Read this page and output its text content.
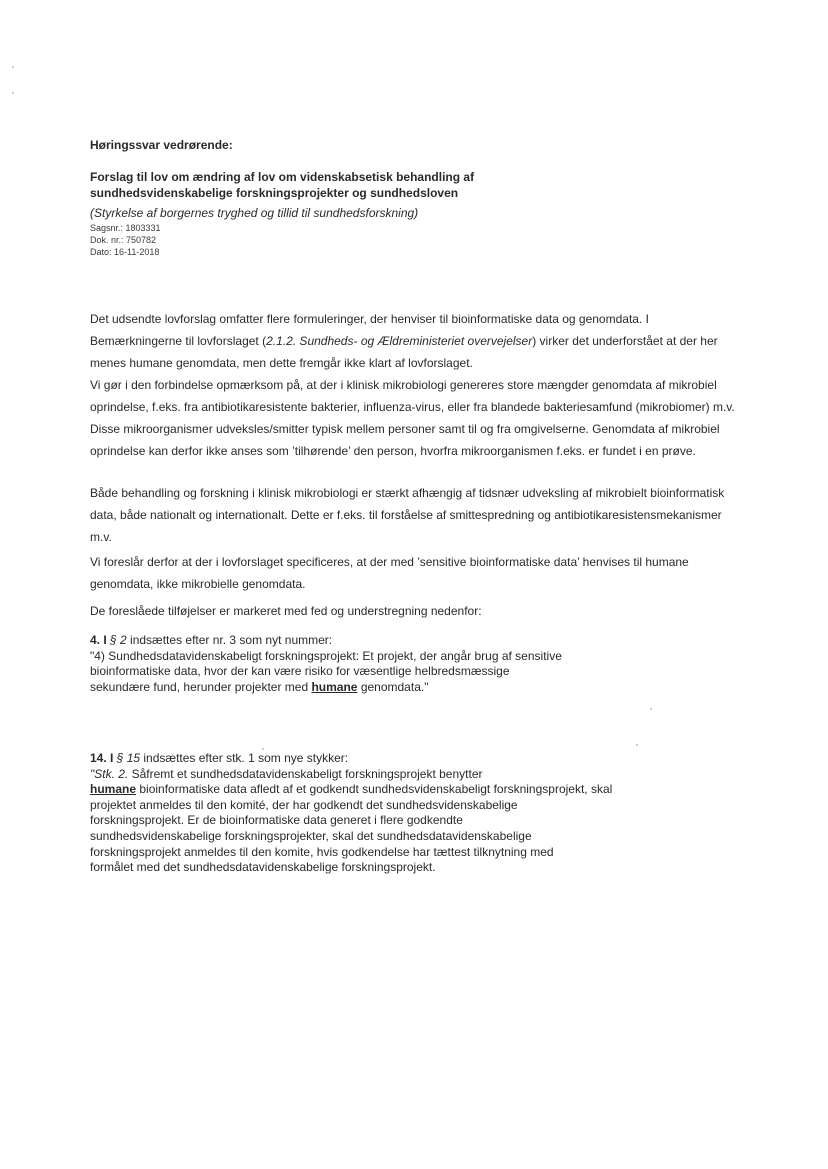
Høringssvar vedrørende:
Forslag til lov om ændring af lov om videnskabsetisk behandling af
sundhedsvidenskabelige forskningsprojekter og sundhedsloven
(Styrkelse af borgernes tryghed og tillid til sundhedsforskning)
Sagsnr.: 1803331
Dok. nr.: 750782
Dato: 16-11-2018

Det udsendte lovforslag omfatter flere formuleringer, der henviser til bioinformatiske data og genomdata. I Bemærkningerne til lovforslaget (2.1.2. Sundheds- og Ældreministeriet overvejelser) virker det underforstået at der her menes humane genomdata, men dette fremgår ikke klart af lovforslaget.

Vi gør i den forbindelse opmærksom på, at der i klinisk mikrobiologi genereres store mængder genomdata af mikrobiel oprindelse, f.eks. fra antibiotikaresistente bakterier, influenza-virus, eller fra blandede bakteriesamfund (mikrobiomer) m.v. Disse mikroorganismer udveksles/smitter typisk mellem personer samt til og fra omgivelserne. Genomdata af mikrobiel oprindelse kan derfor ikke anses som ’tilhørende’ den person, hvorfra mikroorganismen f.eks. er fundet i en prøve.

Både behandling og forskning i klinisk mikrobiologi er stærkt afhængig af tidsnær udveksling af mikrobielt bioinformatisk data, både nationalt og internationalt. Dette er f.eks. til forståelse af smittespredning og antibiotikaresistensmekanismer m.v.

Vi foreslår derfor at der i lovforslaget specificeres, at der med ’sensitive bioinformatiske data’ henvises til humane genomdata, ikke mikrobielle genomdata.

De foreslåede tilføjelser er markeret med fed og understregning nedenfor:

4. I § 2 indsættes efter nr. 3 som nyt nummer:
"4) Sundhedsdatavidenskabeligt forskningsprojekt: Et projekt, der angår brug af sensitive
bioinformatiske data, hvor der kan være risiko for væsentlige helbredsmæssige
sekundære fund, herunder projekter med humane genomdata."
14. I § 15 indsættes efter stk. 1 som nye stykker:
"Stk. 2. Såfremt et sundhedsdatavidenskabeligt forskningsprojekt benytter
humane bioinformatiske data afledt af et godkendt sundhedsvidenskabeligt forskningsprojekt, skal
projektet anmeldes til den komité, der har godkendt det sundhedsvidenskabelige
forskningsprojekt. Er de bioinformatiske data generet i flere godkendte
sundhedsvidenskabelige forskningsprojekter, skal det sundhedsdatavidenskabelige
forskningsprojekt anmeldes til den komite, hvis godkendelse har tættest tilknytning med
formålet med det sundhedsdatavidenskabelige forskningsprojekt.
